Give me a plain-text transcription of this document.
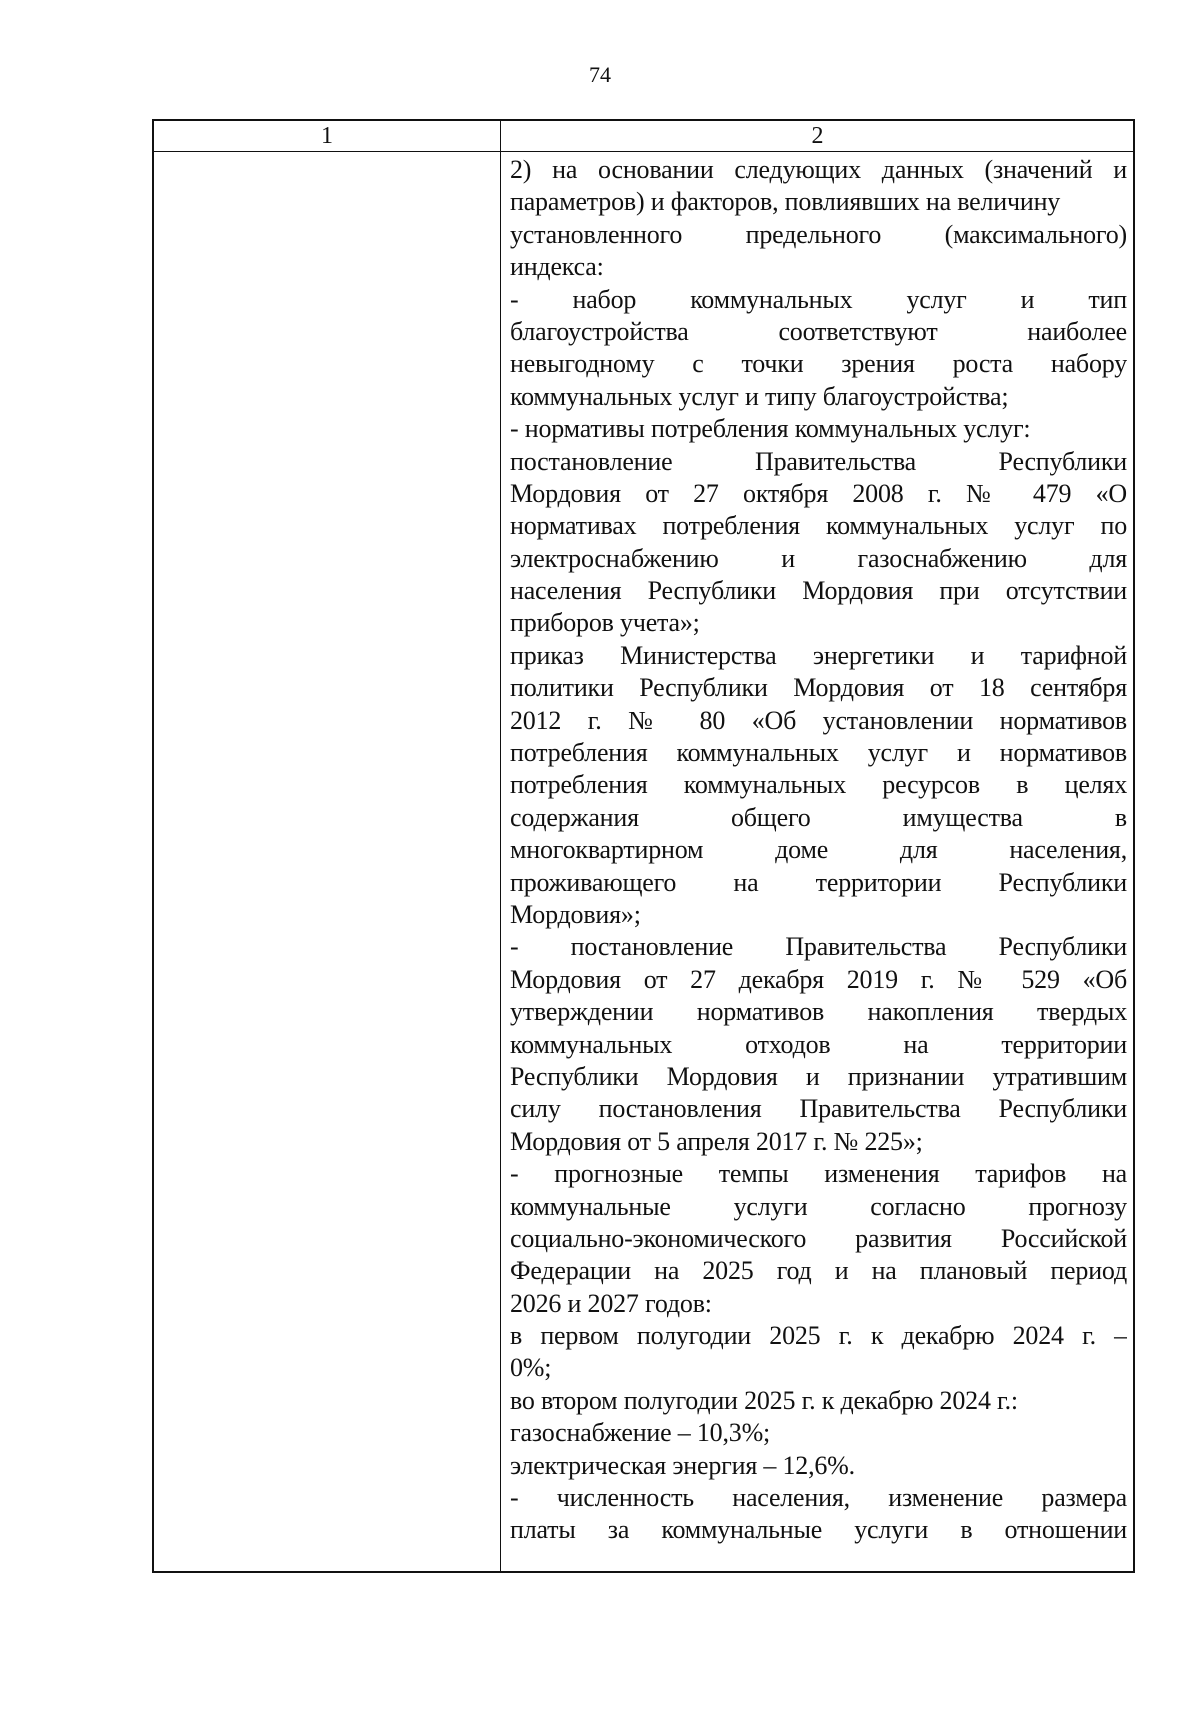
74
1	2
2) на основании следующих данных (значений и
параметров) и факторов, повлиявших на величину
установленного предельного (максимального)
индекса:
- набор коммунальных услуг и тип
благоустройства соответствуют наиболее
невыгодному с точки зрения роста набору
коммунальных услуг и типу благоустройства;
- нормативы потребления коммунальных услуг:
постановление Правительства Республики
Мордовия от 27 октября 2008 г. № 479 «О
нормативах потребления коммунальных услуг по
электроснабжению и газоснабжению для
населения Республики Мордовия при отсутствии
приборов учета»;
приказ Министерства энергетики и тарифной
политики Республики Мордовия от 18 сентября
2012 г. № 80 «Об установлении нормативов
потребления коммунальных услуг и нормативов
потребления коммунальных ресурсов в целях
содержания общего имущества в
многоквартирном доме для населения,
проживающего на территории Республики
Мордовия»;
- постановление Правительства Республики
Мордовия от 27 декабря 2019 г. № 529 «Об
утверждении нормативов накопления твердых
коммунальных отходов на территории
Республики Мордовия и признании утратившим
силу постановления Правительства Республики
Мордовия от 5 апреля 2017 г. № 225»;
- прогнозные темпы изменения тарифов на
коммунальные услуги согласно прогнозу
социально-экономического развития Российской
Федерации на 2025 год и на плановый период
2026 и 2027 годов:
в первом полугодии 2025 г. к декабрю 2024 г. –
0%;
во втором полугодии 2025 г. к декабрю 2024 г.:
газоснабжение – 10,3%;
электрическая энергия – 12,6%.
- численность населения, изменение размера
платы за коммунальные услуги в отношении
